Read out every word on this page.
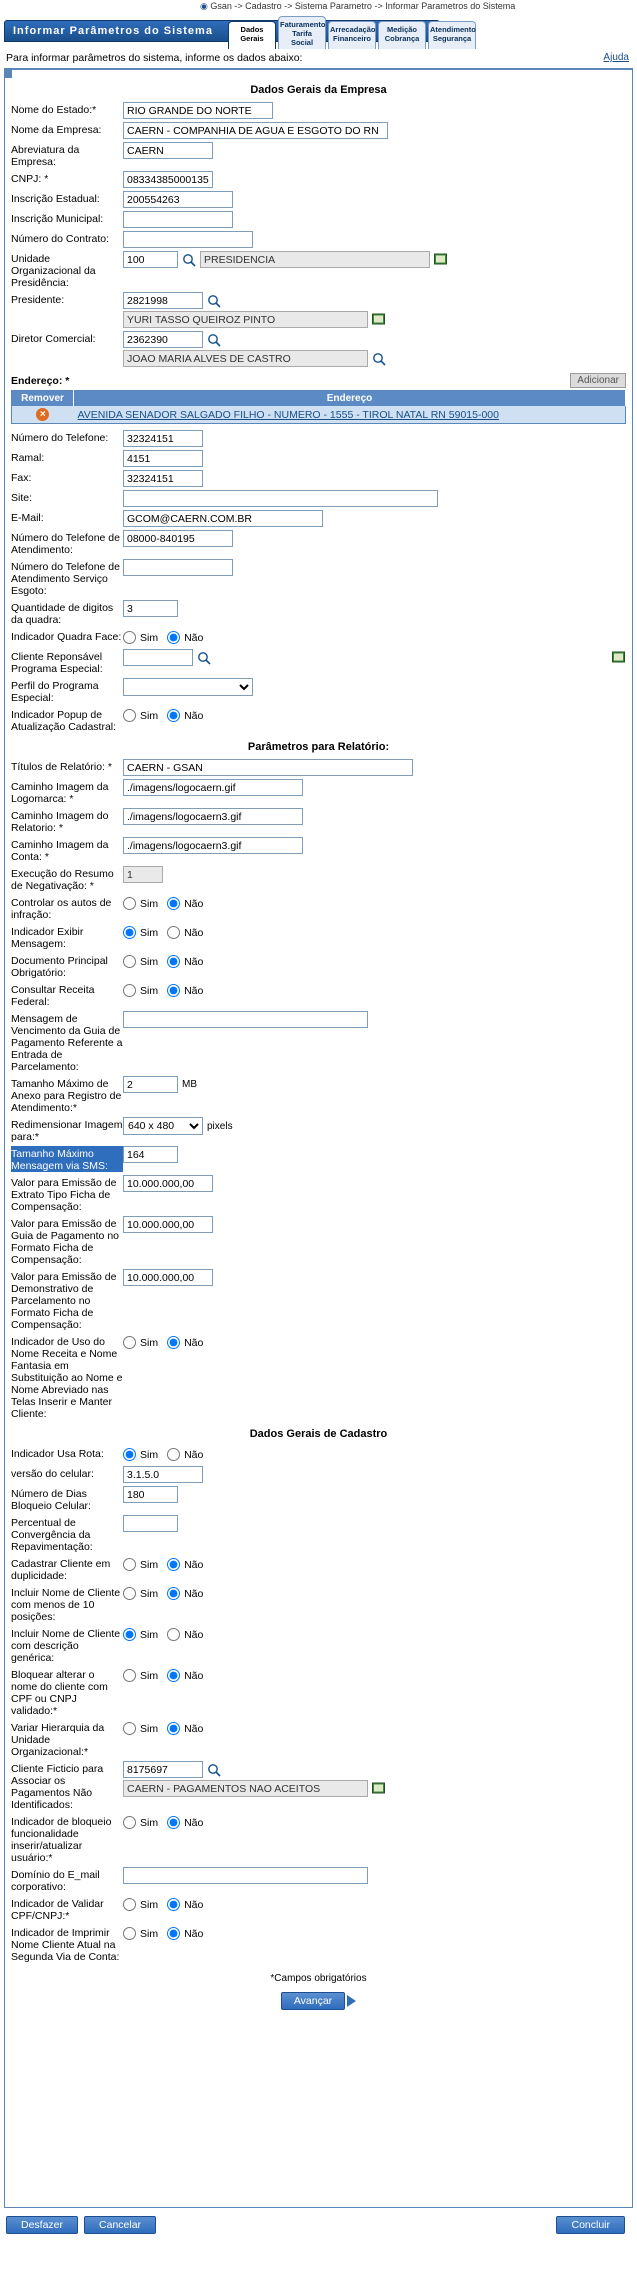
◉ Gsan -> Cadastro -> Sistema Parametro -> Informar Parametros do Sistema
Informar Parâmetros do Sistema	Dados Gerais
Faturamento Tarifa Social
Arrecadação Financeiro
Medição Cobrança
Atendimento Segurança
Para informar parâmetros do sistema, informe os dados abaixo:	Ajuda
Dados Gerais da Empresa
Nome do Estado:*
RIO GRANDE DO NORTE
Nome da Empresa:
CAERN - COMPANHIA DE AGUA E ESGOTO DO RN
Abreviatura da Empresa:
CAERN
CNPJ: *
08334385000135
Inscrição Estadual:
200554263
Inscrição Municipal:
Número do Contrato:
Unidade Organizacional da Presidência:
100
PRESIDENCIA
Presidente:
2821998
YURI TASSO QUEIROZ PINTO
Diretor Comercial:
2362390
JOAO MARIA ALVES DE CASTRO
Endereço: *	Adicionar
Remover	Endereço
×	AVENIDA SENADOR SALGADO FILHO - NUMERO - 1555 - TIROL NATAL RN 59015-000
Número do Telefone:
32324151
Ramal:
4151
Fax:
32324151
Site:
E-Mail:
GCOM@CAERN.COM.BR
Número do Telefone de Atendimento:
08000-840195
Número do Telefone de Atendimento Serviço Esgoto:
Quantidade de digitos da quadra:
3
Indicador Quadra Face: Sim Não
Cliente Reponsável Programa Especial:
Perfil do Programa Especial:
Indicador Popup de Atualização Cadastral:
Sim Não
Parâmetros para Relatório:
Títulos de Relatório: *
CAERN - GSAN
Caminho Imagem da Logomarca: *
./imagens/logocaern.gif
Caminho Imagem do Relatorio: *
./imagens/logocaern3.gif
Caminho Imagem da Conta: *
./imagens/logocaern3.gif
Execução do Resumo de Negativação: *
1
Controlar os autos de infração:
Sim Não
Indicador Exibir Mensagem:
Sim Não
Documento Principal Obrigatório:
Sim Não
Consultar Receita Federal:
Sim Não
Mensagem de Vencimento da Guia de Pagamento Referente a Entrada de Parcelamento:
Tamanho Máximo de Anexo para Registro de Atendimento:*
2
MB
Redimensionar Imagem para:*
640 x 480
pixels
Tamanho Máximo Mensagem via SMS:
164
Valor para Emissão de Extrato Tipo Ficha de Compensação:
10.000.000,00
Valor para Emissão de Guia de Pagamento no Formato Ficha de Compensação:
10.000.000,00
Valor para Emissão de Demonstrativo de Parcelamento no Formato Ficha de Compensação:
10.000.000,00
Indicador de Uso do Nome Receita e Nome Fantasia em Substituição ao Nome e Nome Abreviado nas Telas Inserir e Manter Cliente:
Sim Não
Dados Gerais de Cadastro
Indicador Usa Rota:	Sim Não
versão do celular:
3.1.5.0
Número de Dias Bloqueio Celular:
180
Percentual de Convergência da Repavimentação:
Cadastrar Cliente em duplicidade:
Sim Não
Incluir Nome de Cliente com menos de 10 posições:
Sim Não
Incluir Nome de Cliente com descrição genérica:
Sim Não
Bloquear alterar o nome do cliente com CPF ou CNPJ validado:*
Sim Não
Variar Hierarquia da Unidade Organizacional:*
Sim Não
Cliente Ficticio para Associar os Pagamentos Não Identificados:
8175697
CAERN - PAGAMENTOS NAO ACEITOS
Indicador de bloqueio funcionalidade inserir/atualizar usuário:*
Sim Não
Domínio do E_mail corporativo:
Indicador de Validar CPF/CNPJ:*
Sim Não
Indicador de Imprimir Nome Cliente Atual na Segunda Via de Conta:
Sim Não
*Campos obrigatórios
Avançar
Desfazer	Cancelar	Concluir
